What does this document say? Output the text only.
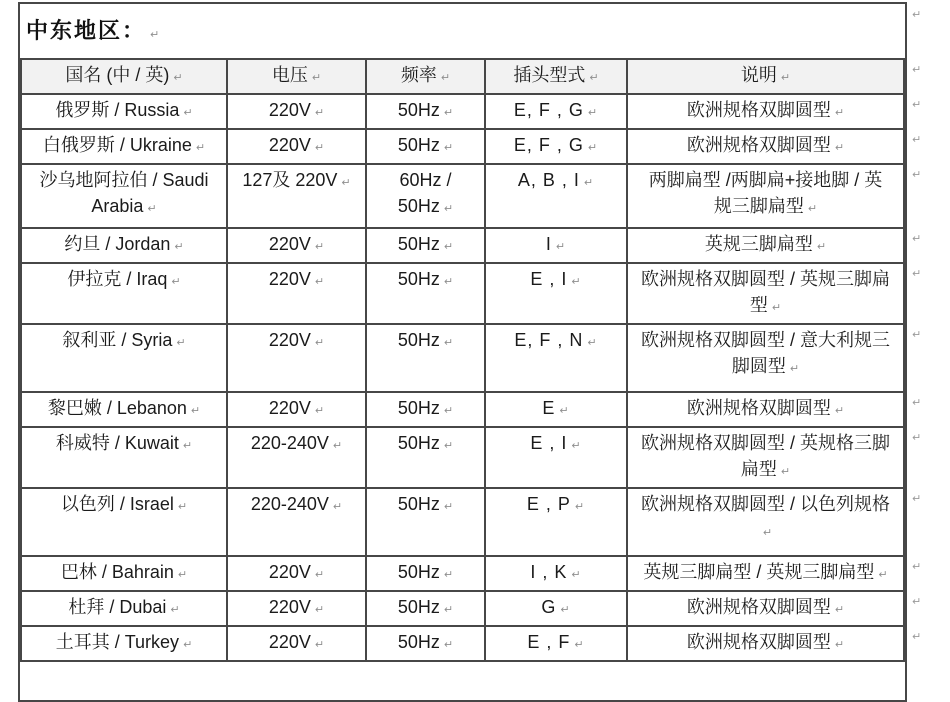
中东地区： ↵
国名 (中 / 英) ↵	电压 ↵	频率 ↵	插头型式 ↵	说明 ↵
俄罗斯 / Russia ↵	220V ↵	50Hz ↵	E, F , G ↵	欧洲规格双脚圆型 ↵
白俄罗斯 / Ukraine ↵	220V ↵	50Hz ↵	E, F , G ↵	欧洲规格双脚圆型 ↵
沙乌地阿拉伯 / Saudi Arabia ↵	127及 220V ↵	60Hz / 50Hz ↵	A, B , I ↵	两脚扁型 /两脚扁+接地脚 / 英规三脚扁型 ↵
约旦 / Jordan ↵	220V ↵	50Hz ↵	I ↵	英规三脚扁型 ↵
伊拉克 / Iraq ↵	220V ↵	50Hz ↵	E , I ↵	欧洲规格双脚圆型 / 英规三脚扁型 ↵
叙利亚 / Syria ↵	220V ↵	50Hz ↵	E, F , N ↵	欧洲规格双脚圆型 / 意大利规三脚圆型 ↵
黎巴嫩 / Lebanon ↵	220V ↵	50Hz ↵	E ↵	欧洲规格双脚圆型 ↵
科威特 / Kuwait ↵	220-240V ↵	50Hz ↵	E , I ↵	欧洲规格双脚圆型 / 英规格三脚扁型 ↵
以色列 / Israel ↵	220-240V ↵	50Hz ↵	E , P ↵	欧洲规格双脚圆型 / 以色列规格↵
巴林 / Bahrain ↵	220V ↵	50Hz ↵	I , K ↵	英规三脚扁型 / 英规三脚扁型 ↵
杜拜 / Dubai ↵	220V ↵	50Hz ↵	G ↵	欧洲规格双脚圆型 ↵
土耳其 / Turkey ↵	220V ↵	50Hz ↵	E , F ↵	欧洲规格双脚圆型 ↵
↵
↵
↵
↵
↵
↵
↵
↵
↵
↵
↵
↵
↵
↵
